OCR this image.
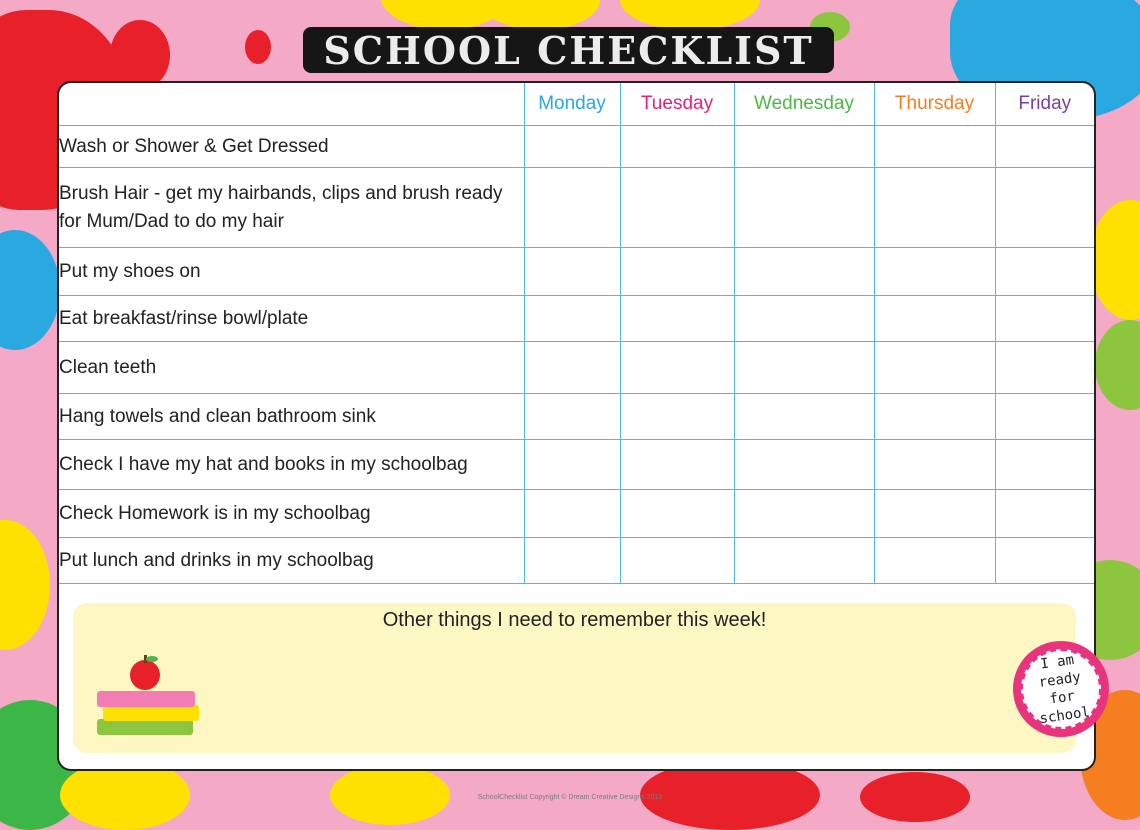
SCHOOL CHECKLIST
	Monday	Tuesday	Wednesday	Thursday	Friday
Wash or Shower & Get Dressed					
Brush Hair - get my hairbands, clips and brush ready for Mum/Dad to do my hair					
Put my shoes on					
Eat breakfast/rinse bowl/plate					
Clean teeth					
Hang towels and clean bathroom sink					
Check I have my hat and books in my schoolbag					
Check Homework is in my schoolbag					
Put lunch and drinks in my schoolbag					
Other things I need to remember this week!
I am ready for school
SchoolChecklist Copyright © Dream Creative Designs 2013
